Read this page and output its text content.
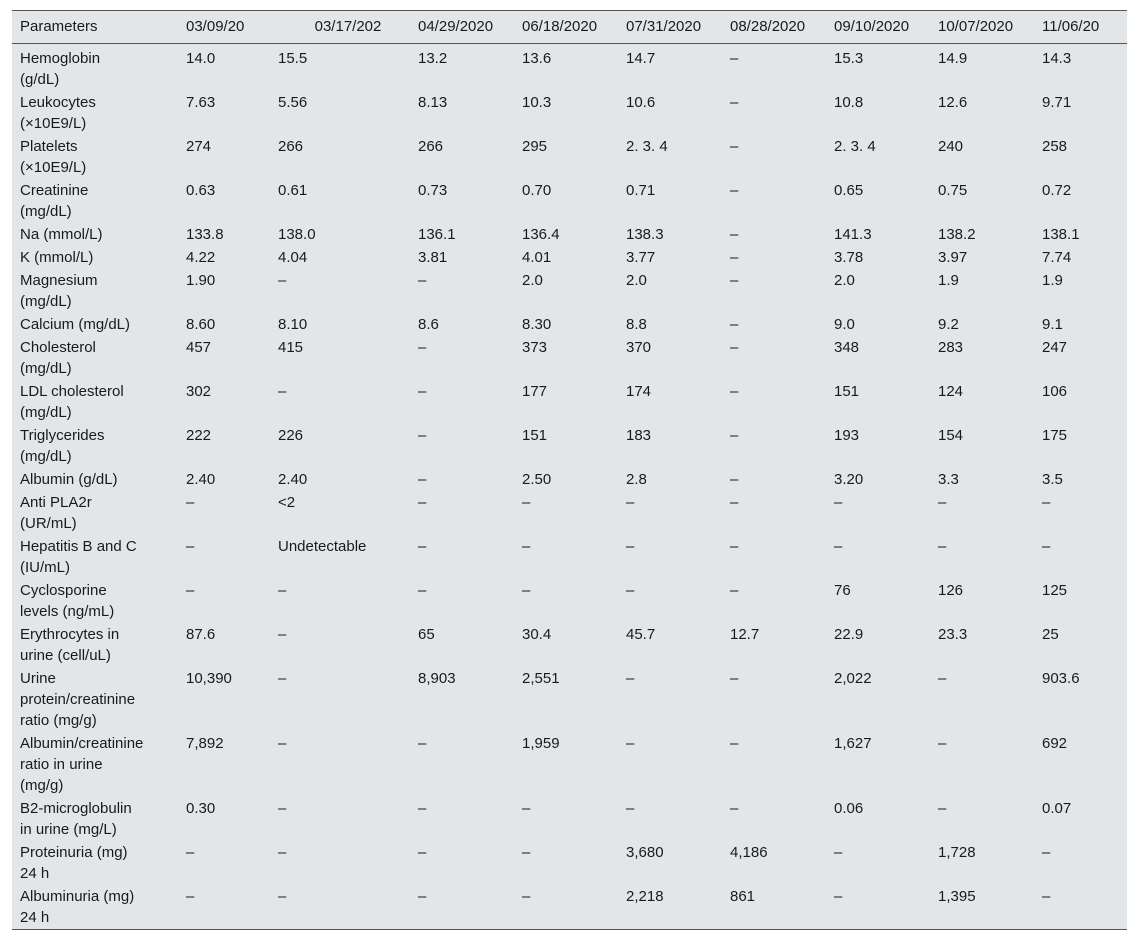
Parameters	03/09/20	03/17/202	04/29/2020	06/18/2020	07/31/2020	08/28/2020	09/10/2020	10/07/2020	11/06/20

Hemoglobin
(g/dL)	14.0	15.5	13.2	13.6	14.7	–	15.3	14.9	14.3

Leukocytes
(×10E9/L)	7.63	5.56	8.13	10.3	10.6	–	10.8	12.6	9.71

Platelets
(×10E9/L)	274	266	266	295	2. 3. 4	–	2. 3. 4	240	258

Creatinine
(mg/dL)	0.63	0.61	0.73	0.70	0.71	–	0.65	0.75	0.72

Na (mmol/L)	133.8	138.0	136.1	136.4	138.3	–	141.3	138.2	138.1

K (mmol/L)	4.22	4.04	3.81	4.01	3.77	–	3.78	3.97	7.74

Magnesium
(mg/dL)	1.90	–	–	2.0	2.0	–	2.0	1.9	1.9

Calcium (mg/dL)	8.60	8.10	8.6	8.30	8.8	–	9.0	9.2	9.1

Cholesterol
(mg/dL)	457	415	–	373	370	–	348	283	247

LDL cholesterol
(mg/dL)	302	–	–	177	174	–	151	124	106

Triglycerides
(mg/dL)	222	226	–	151	183	–	193	154	175

Albumin (g/dL)	2.40	2.40	–	2.50	2.8	–	3.20	3.3	3.5

Anti PLA2r
(UR/mL)	–	<2	–	–	–	–	–	–	–

Hepatitis B and C
(IU/mL)	–	Undetectable	–	–	–	–	–	–	–

Cyclosporine
levels (ng/mL)	–	–	–	–	–	–	76	126	125

Erythrocytes in
urine (cell/uL)	87.6	–	65	30.4	45.7	12.7	22.9	23.3	25

Urine
protein/creatinine
ratio (mg/g)	10,390	–	8,903	2,551	–	–	2,022	–	903.6

Albumin/creatinine
ratio in urine
(mg/g)	7,892	–	–	1,959	–	–	1,627	–	692

B2-microglobulin
in urine (mg/L)	0.30	–	–	–	–	–	0.06	–	0.07

Proteinuria (mg)
24 h	–	–	–	–	3,680	4,186	–	1,728	–

Albuminuria (mg)
24 h	–	–	–	–	2,218	861	–	1,395	–
